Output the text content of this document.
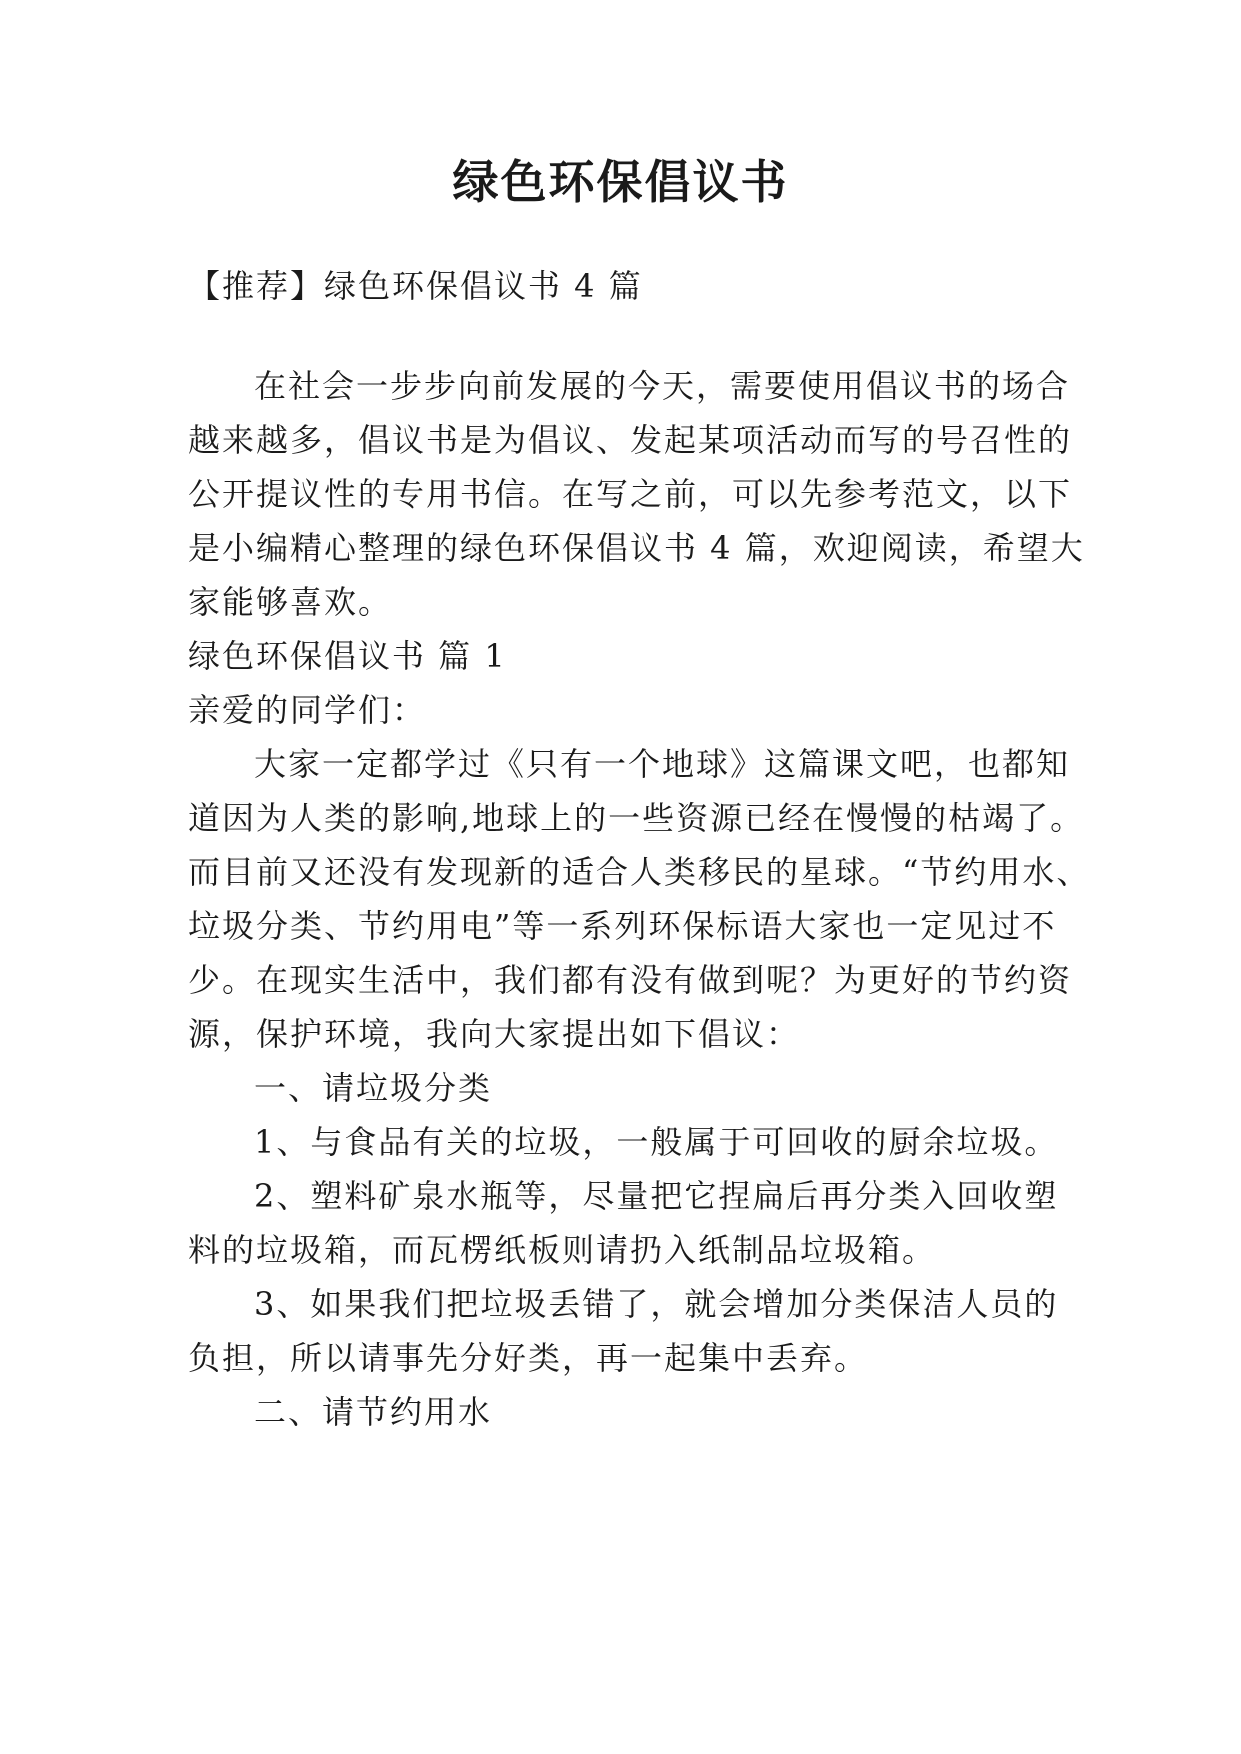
绿色环保倡议书
【推荐】绿色环保倡议书 4 篇
在社会一步步向前发展的今天，需要使用倡议书的场合
越来越多，倡议书是为倡议、发起某项活动而写的号召性的
公开提议性的专用书信。在写之前，可以先参考范文，以下
是小编精心整理的绿色环保倡议书 4 篇，欢迎阅读，希望大
家能够喜欢。
绿色环保倡议书 篇 1
亲爱的同学们：
大家一定都学过《只有一个地球》这篇课文吧，也都知
道因为人类的影响,地球上的一些资源已经在慢慢的枯竭了。
而目前又还没有发现新的适合人类移民的星球。“节约用水、
垃圾分类、节约用电”等一系列环保标语大家也一定见过不
少。在现实生活中，我们都有没有做到呢？为更好的节约资
源，保护环境，我向大家提出如下倡议：
一、请垃圾分类
1、与食品有关的垃圾，一般属于可回收的厨余垃圾。
2、塑料矿泉水瓶等，尽量把它捏扁后再分类入回收塑
料的垃圾箱，而瓦楞纸板则请扔入纸制品垃圾箱。
3、如果我们把垃圾丢错了，就会增加分类保洁人员的
负担，所以请事先分好类，再一起集中丢弃。
二、请节约用水
